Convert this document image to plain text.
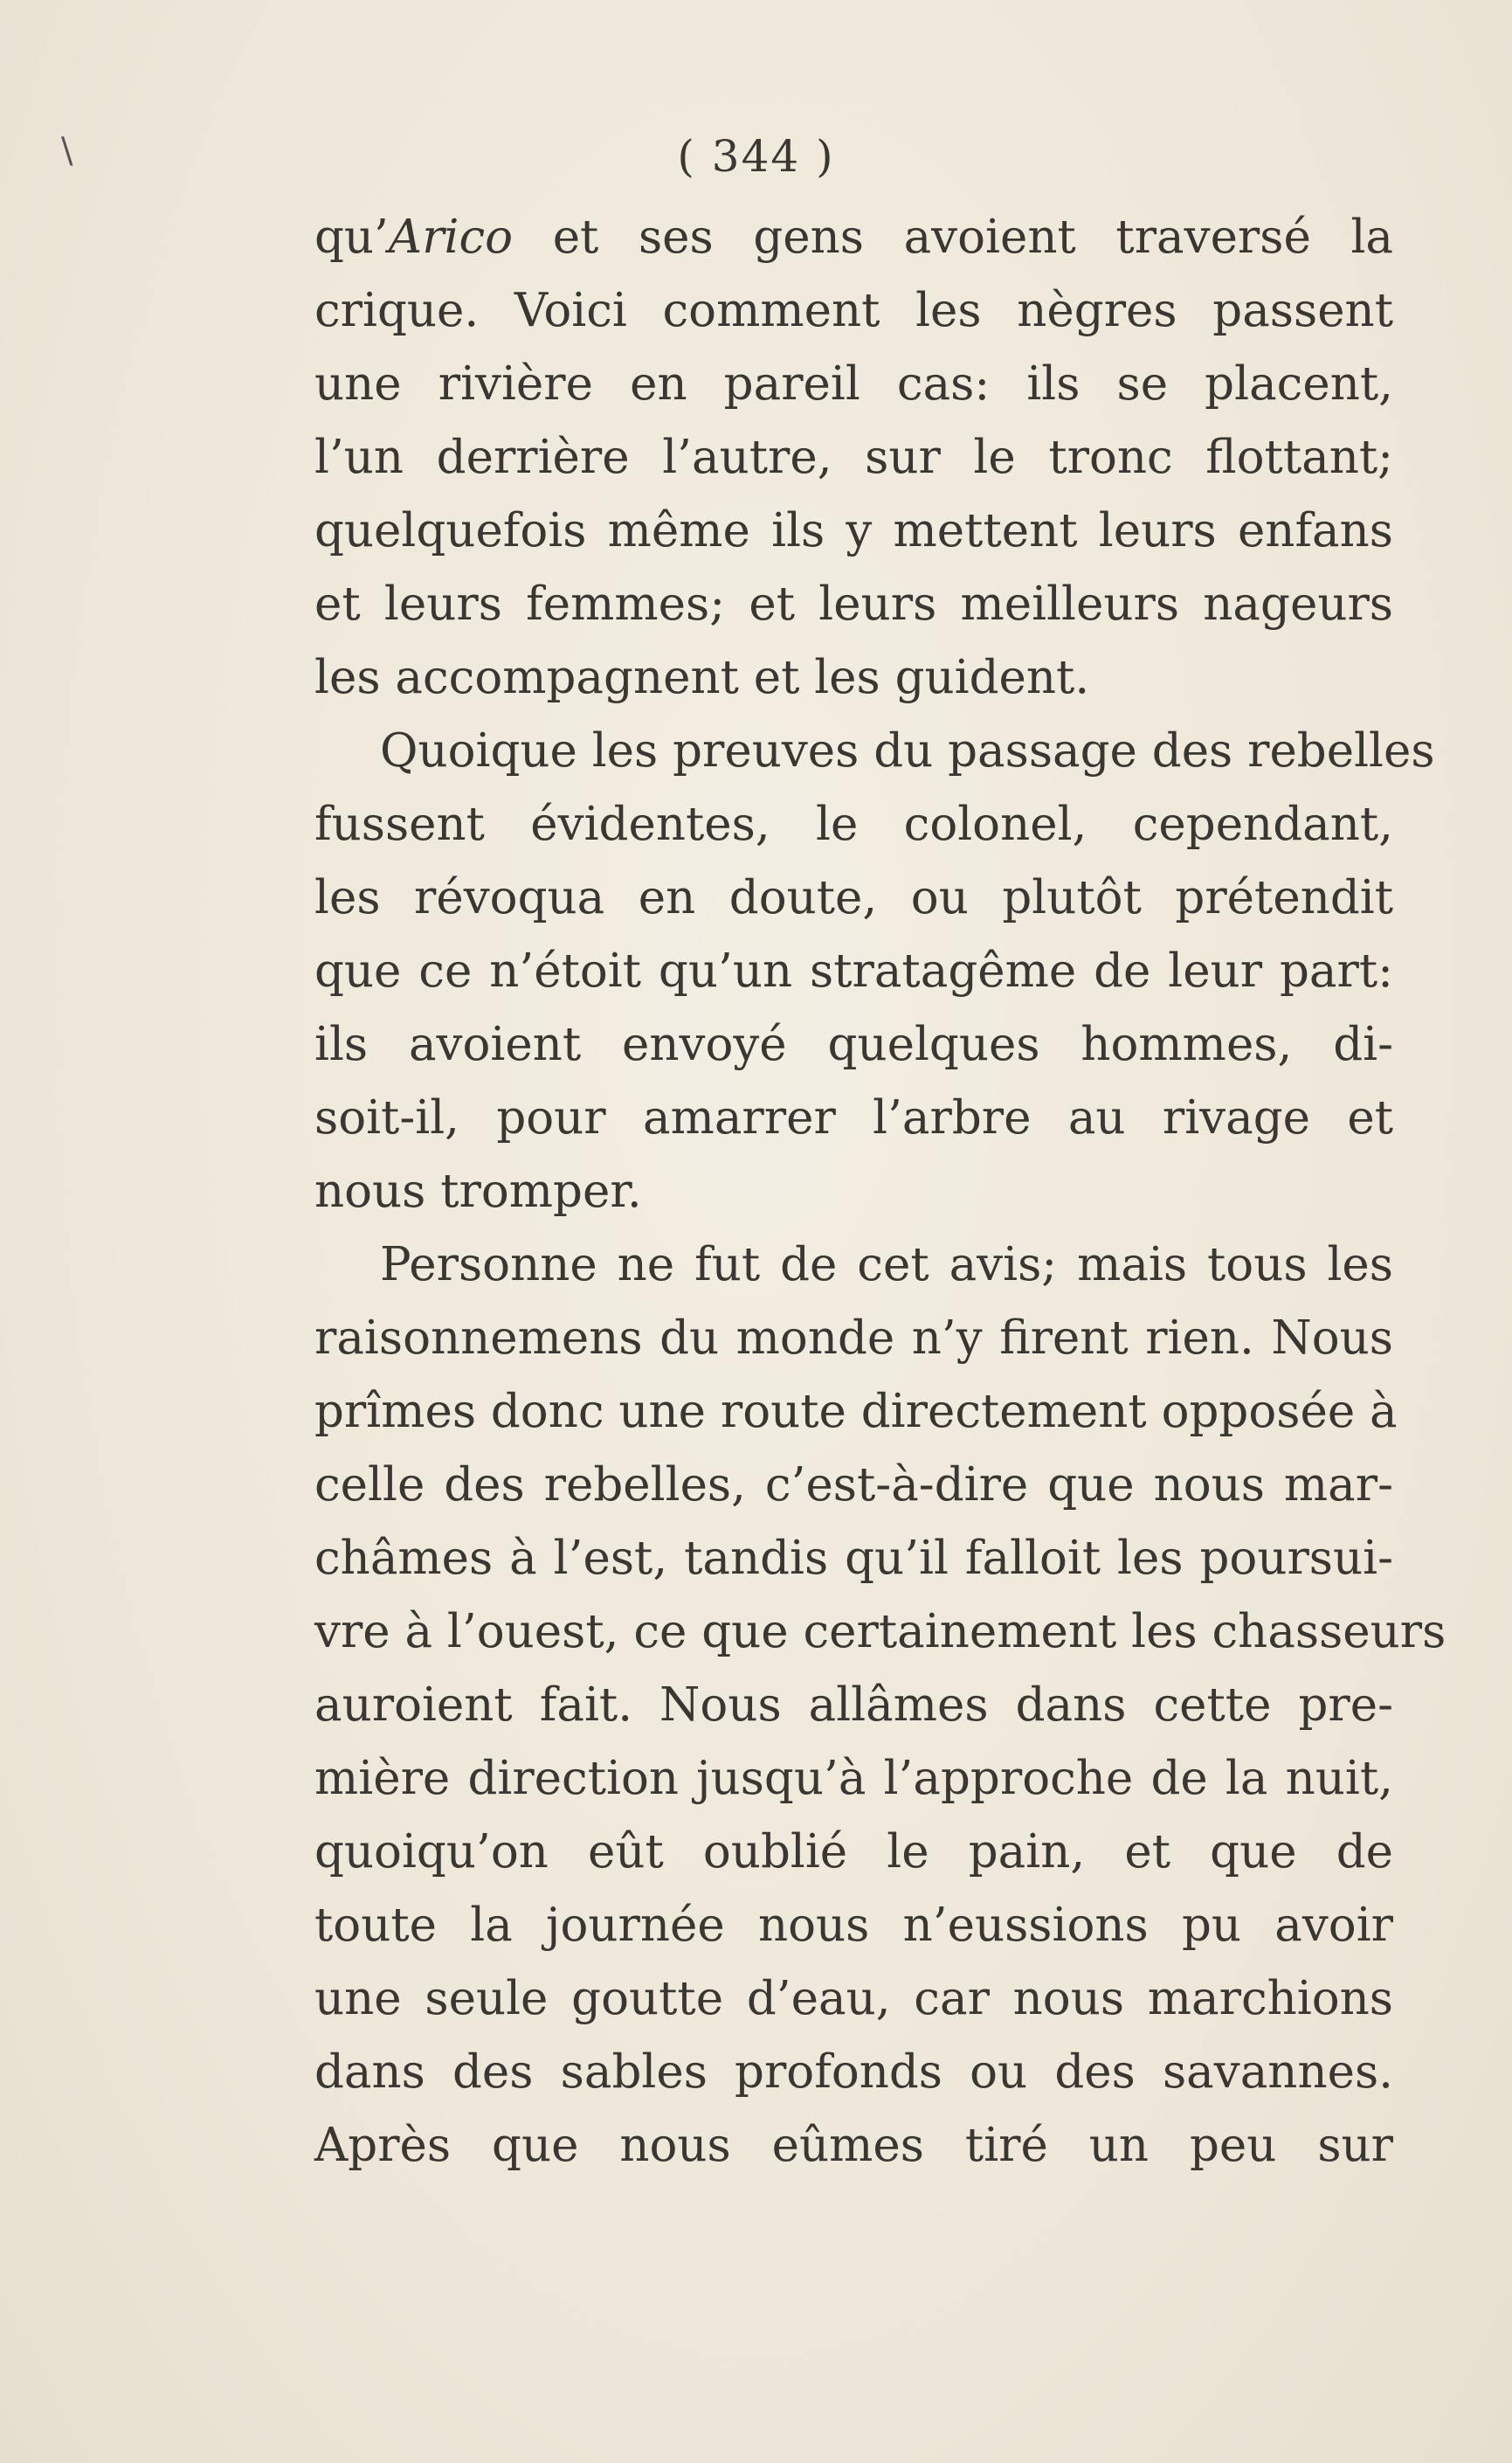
\	( 344 )
qu’Arico et ses gens avoient traversé la
crique. Voici comment les nègres passent
une rivière en pareil cas: ils se placent,
l’un derrière l’autre, sur le tronc flottant;
quelquefois même ils y mettent leurs enfans
et leurs femmes; et leurs meilleurs nageurs
les accompagnent et les guident.
Quoique les preuves du passage des rebelles
fussent évidentes, le colonel, cependant,
les révoqua en doute, ou plutôt prétendit
que ce n’étoit qu’un stratagême de leur part:
ils avoient envoyé quelques hommes, di-
soit-il, pour amarrer l’arbre au rivage et
nous tromper.
Personne ne fut de cet avis; mais tous les
raisonnemens du monde n’y firent rien. Nous
prîmes donc une route directement opposée à
celle des rebelles, c’est-à-dire que nous mar-
châmes à l’est, tandis qu’il falloit les poursui-
vre à l’ouest, ce que certainement les chasseurs
auroient fait. Nous allâmes dans cette pre-
mière direction jusqu’à l’approche de la nuit,
quoiqu’on eût oublié le pain, et que de
toute la journée nous n’eussions pu avoir
une seule goutte d’eau, car nous marchions
dans des sables profonds ou des savannes.
Après que nous eûmes tiré un peu sur
